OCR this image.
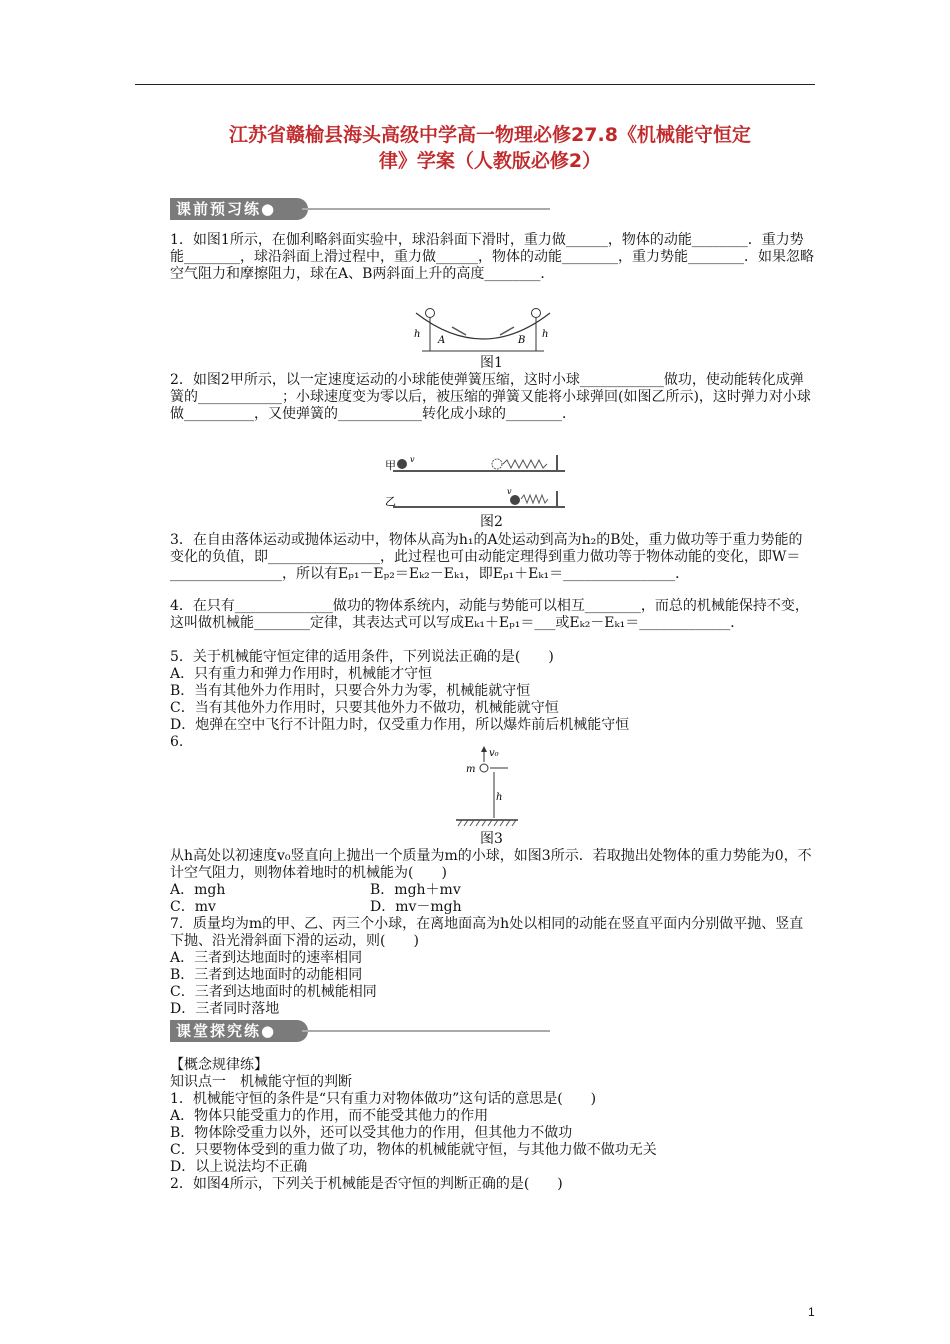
江苏省赣榆县海头高级中学高一物理必修27.8《机械能守恒定
律》学案（人教版必修2）
课前预习练●
1．如图1所示，在伽利略斜面实验中，球沿斜面下滑时，重力做______，物体的动能________．重力势能________，球沿斜面上滑过程中，重力做______，物体的动能________，重力势能________．如果忽略空气阻力和摩擦阻力，球在A、B两斜面上升的高度________．
h
A	B
h
图1
2．如图2甲所示，以一定速度运动的小球能使弹簧压缩，这时小球____________做功，使动能转化成弹簧的____________；小球速度变为零以后，被压缩的弹簧又能将小球弹回(如图乙所示)，这时弹力对小球做__________，又使弹簧的____________转化成小球的________．
甲 v
乙
v
图2
3．在自由落体运动或抛体运动中，物体从高为h₁的A处运动到高为h₂的B处，重力做功等于重力势能的变化的负值，即________________，此过程也可由动能定理得到重力做功等于物体动能的变化，即W＝________________，所以有Eₚ₁－Eₚ₂＝Eₖ₂－Eₖ₁，即Eₚ₁＋Eₖ₁＝________________．
4．在只有______________做功的物体系统内，动能与势能可以相互________，而总的机械能保持不变，这叫做机械能________定律，其表达式可以写成Eₖ₁＋Eₚ₁＝___或Eₖ₂－Eₖ₁＝_____________．
5．关于机械能守恒定律的适用条件，下列说法正确的是(　　)
A．只有重力和弹力作用时，机械能才守恒
B．当有其他外力作用时，只要合外力为零，机械能就守恒
C．当有其他外力作用时，只要其他外力不做功，机械能就守恒
D．炮弹在空中飞行不计阻力时，仅受重力作用，所以爆炸前后机械能守恒
6.
v₀
m
h
图3
从h高处以初速度v₀竖直向上抛出一个质量为m的小球，如图3所示．若取抛出处物体的重力势能为0，不计空气阻力，则物体着地时的机械能为(　　)
A．mgh	B．mgh＋mv
C．mv	D．mv－mgh
7．质量均为m的甲、乙、丙三个小球，在离地面高为h处以相同的动能在竖直平面内分别做平抛、竖直下抛、沿光滑斜面下滑的运动，则(　　)
A．三者到达地面时的速率相同
B．三者到达地面时的动能相同
C．三者到达地面时的机械能相同
D．三者同时落地
课堂探究练●
【概念规律练】
知识点一　机械能守恒的判断
1．机械能守恒的条件是“只有重力对物体做功”这句话的意思是(　　)
A．物体只能受重力的作用，而不能受其他力的作用
B．物体除受重力以外，还可以受其他力的作用，但其他力不做功
C．只要物体受到的重力做了功，物体的机械能就守恒，与其他力做不做功无关
D．以上说法均不正确
2．如图4所示，下列关于机械能是否守恒的判断正确的是(　　)
1
